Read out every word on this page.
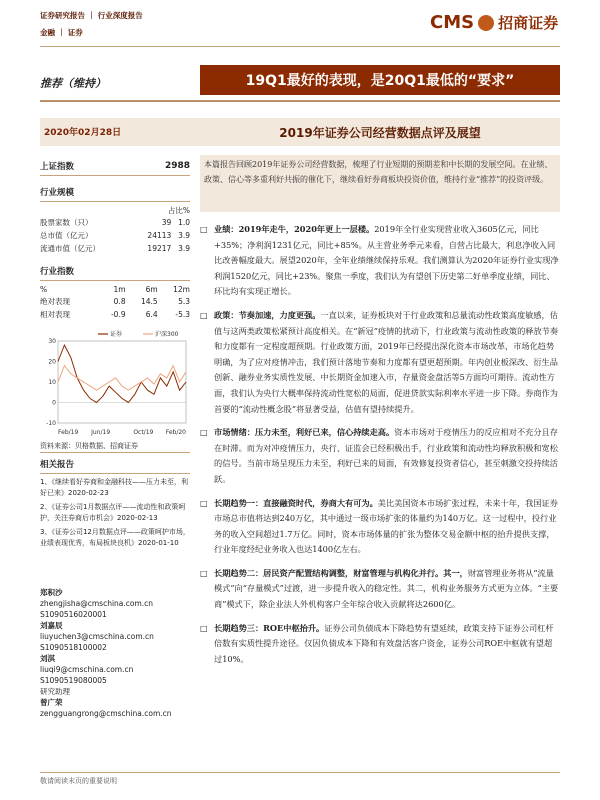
证券研究报告 ｜ 行业深度报告
金融 ｜ 证券	CMS 招商证券
推荐（维持）	19Q1最好的表现，是20Q1最低的“要求”
2020年02月28日	2019年证券公司经营数据点评及展望
上证指数	2988
行业规模
占比%
股票家数（只）	39	1.0
总市值（亿元）	24113	3.9
流通市值（亿元）	19217	3.9
行业指数
%	1m	6m	12m
绝对表现	0.8	14.5	5.3
相对表现	-0.9	6.4	-5.3
30
20
10
0
-10
Feb/19 Jun/19	Oct/19 Feb/20
证券	沪深300
资料来源：贝格数据、招商证券
相关报告
1、《继续看好券商和金融科技——压力未至，利好已来》2020-02-23
2、《证券公司1月数据点评——流动性和政策呵护，关注券商后市机会》2020-02-13
3、《证券公司12月数据点评——政策呵护市场，业绩表现优秀，布局板块良机》2020-01-10
郑积沙
zhengjisha@cmschina.com.cn
S1090516020001
刘嘉辰
liuyuchen3@cmschina.com.cn
S1090518100002
刘淇
liuqi9@cmschina.com.cn
S1090519080005
研究助理
曾广荣
zengguangrong@cmschina.com.cn
本篇报告回顾2019年证券公司经营数据，梳理了行业短期的预期差和中长期的发展空间。在业绩、政策、信心等多重利好共振的催化下，继续看好券商板块投资价值，维持行业“推荐”的投资评级。
□ 业绩：2019年走牛，2020年更上一层楼。2019年全行业实现营业收入3605亿元，同比+35%；净利润1231亿元，同比+85%。从主营业务季元来看，自营占比最大，利息净收入同比改善幅度最大。展望2020年，全年业绩继续保持乐观。我们测算认为2020年证券行业实现净利润1520亿元，同比+23%。聚焦一季度，我们认为有望创下历史第二好单季度业绩，同比、环比均有实现正增长。
□ 政策：节奏加速，力度更强。一直以来，证券板块对于行业政策和总量流动性政策高度敏感，估值与这两类政策松紧预计高度相关。在“新冠”疫情的扰动下，行业政策与流动性政策的释放节奏和力度都有一定程度超预期。行业政策方面，2019年已经提出深化资本市场改革，市场化趋势明确，为了应对疫情冲击，我们预计落地节奏和力度都有望更超预期。年内创业板深改、衍生品创新、融券业务实质性发展、中长期资金加速入市，存量资金盘活等5方面均可期待。流动性方面，我们认为央行大概率保持流动性宽松的局面，促进贷款实际利率水平进一步下降。券商作为首要的“流动性概念股”将显著受益，估值有望持续提升。
□ 市场情绪：压力未至，利好已来，信心持续走高。资本市场对于疫情压力的反应相对不充分且存在时滞。而为对冲疫情压力，央行、证监会已经积极出手，行业政策和流动性均释放积极和宽松的信号。当前市场呈现压力未至，利好已来的局面，有效修复投资者信心，甚至刺激交投持续活跃。
□ 长期趋势一：直接融资时代，券商大有可为。美比美国资本市场扩张过程，未来十年，我国证券市场总市值将达到240万亿，其中通过一级市场扩张的体量约为140万亿。这一过程中，投行业务的收入空间超过1.7万亿。同时，资本市场体量的扩张为整体交易金额中枢的抬升提供支撑，行业年度经纪业务收入也达1400亿左右。
□ 长期趋势二：居民资产配置结构调整，财富管理与机构化并行。其一，财富管理业务将从“流量模式”向“存量模式”过渡，进一步提升收入的稳定性。其二，机构业务服务方式更为立体。“主要商”模式下，除企业法人外机构客户全年综合收入贡献将达2600亿。
□ 长期趋势三：ROE中枢抬升。证券公司负债成本下降趋势有望延续，政策支持下证券公司杠杆倍数有实质性提升途径。仅因负债成本下降和有效盘活客户资金，证券公司ROE中枢就有望超过10%。
敬请阅读末页的重要说明
